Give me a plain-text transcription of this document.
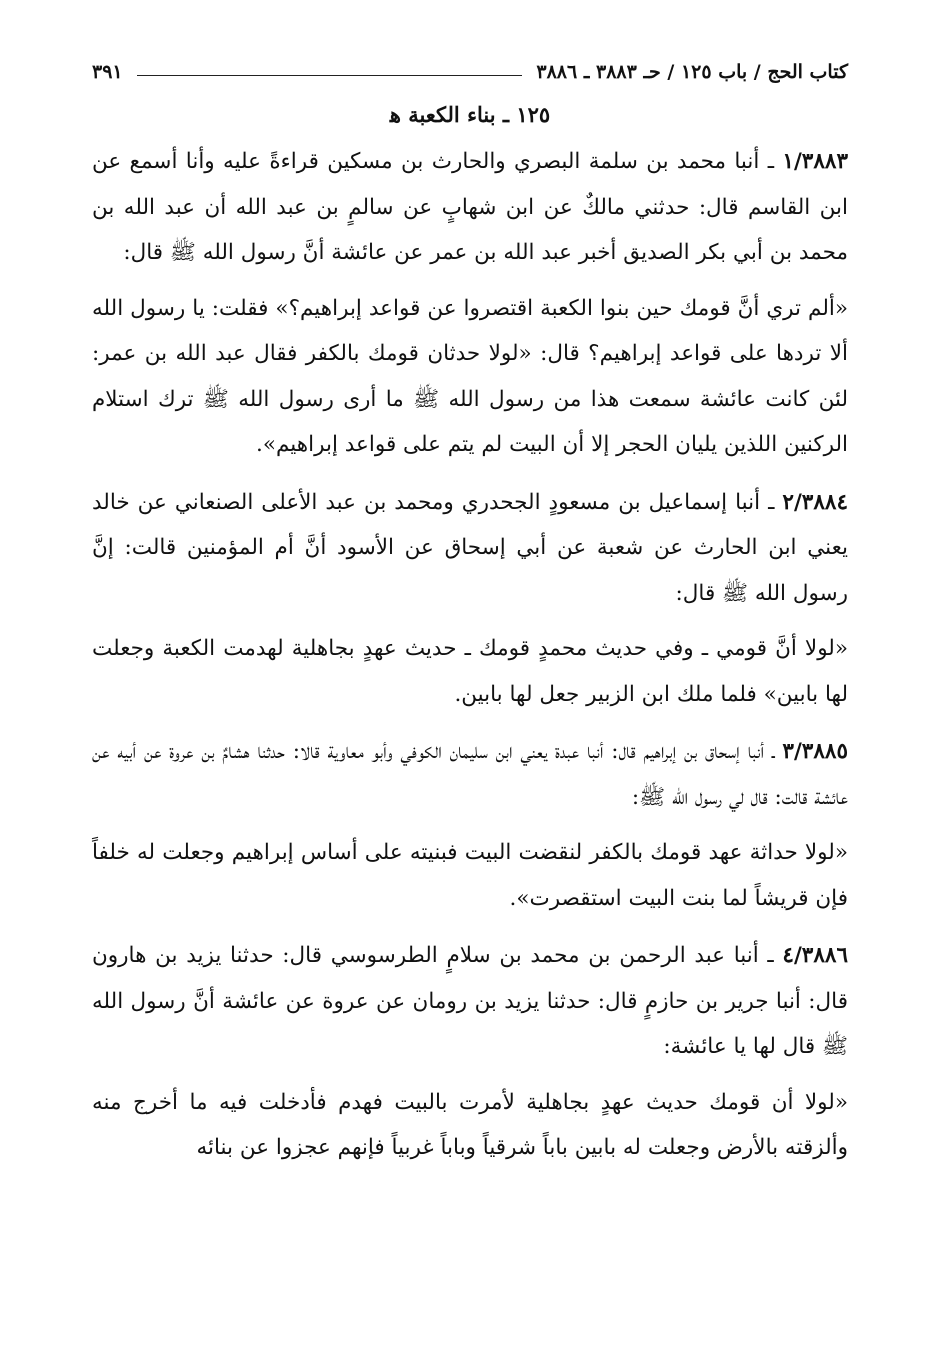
كتاب الحج / باب ١٢٥ / حـ ٣٨٨٣ ـ ٣٨٨٦
٣٩١
١٢٥ ـ بناء الكعبة ﻫ

١/٣٨٨٣ ـ أنبا محمد بن سلمة البصري والحارث بن مسكين قراءةً عليه وأنا أسمع عن ابن القاسم قال: حدثني مالكٌ عن ابن شهابٍ عن سالمٍ بن عبد الله أن عبد الله بن محمد بن أبي بكر الصديق أخبر عبد الله بن عمر عن عائشة أنَّ رسول الله ﷺ قال:

«ألم تري أنَّ قومك حين بنوا الكعبة اقتصروا عن قواعد إبراهيم؟» فقلت: يا رسول الله ألا تردها على قواعد إبراهيم؟ قال: «لولا حدثان قومك بالكفر فقال عبد الله بن عمر: لئن كانت عائشة سمعت هذا من رسول الله ﷺ ما أرى رسول الله ﷺ ترك استلام الركنين اللذين يليان الحجر إلا أن البيت لم يتم على قواعد إبراهيم».

٢/٣٨٨٤ ـ أنبا إسماعيل بن مسعودٍ الجحدري ومحمد بن عبد الأعلى الصنعاني عن خالد يعني ابن الحارث عن شعبة عن أبي إسحاق عن الأسود أنَّ أم المؤمنين قالت: إنَّ رسول الله ﷺ قال:

«لولا أنَّ قومي ـ وفي حديث محمدٍ قومك ـ حديث عهدٍ بجاهلية لهدمت الكعبة وجعلت لها بابين» فلما ملك ابن الزبير جعل لها بابين.

٣/٣٨٨٥ ـ أنبا إسحاق بن إبراهيم قال: أنبا عبدة يعني ابن سليمان الكوفي وأبو معاوية قالا: حدثنا هشامٌ بن عروة عن أبيه عن عائشة قالت: قال لي رسول الله ﷺ:

«لولا حداثة عهد قومك بالكفر لنقضت البيت فبنيته على أساس إبراهيم وجعلت له خلفاً فإن قريشاً لما بنت البيت استقصرت».

٤/٣٨٨٦ ـ أنبا عبد الرحمن بن محمد بن سلامٍ الطرسوسي قال: حدثنا يزيد بن هارون قال: أنبا جرير بن حازمٍ قال: حدثنا يزيد بن رومان عن عروة عن عائشة أنَّ رسول الله ﷺ قال لها يا عائشة:

«لولا أن قومك حديث عهدٍ بجاهلية لأمرت بالبيت فهدم فأدخلت فيه ما أخرج منه وألزقته بالأرض وجعلت له بابين باباً شرقياً وباباً غربياً فإنهم عجزوا عن بنائه
